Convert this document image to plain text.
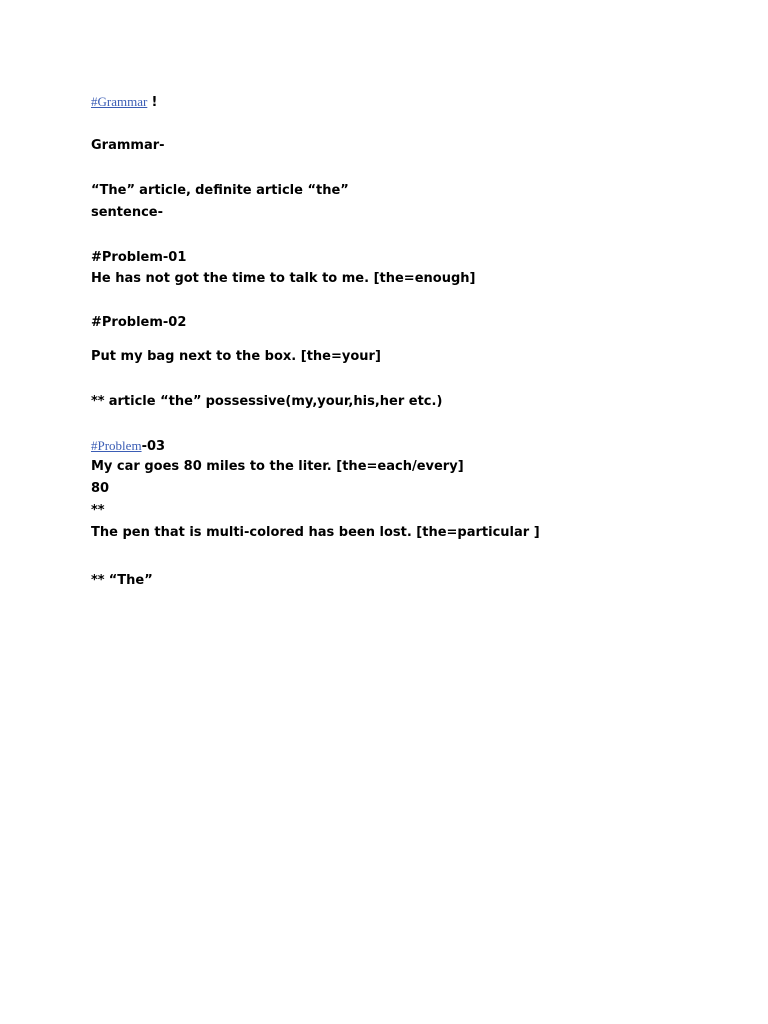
#Grammar !
Grammar-
“The” article, definite article “the”
sentence-
#Problem-01
He has not got the time to talk to me. [the=enough]
#Problem-02
Put my bag next to the box. [the=your]
** article “the” possessive(my,your,his,her etc.)
#Problem-03
My car goes 80 miles to the liter. [the=each/every]
80
**
The pen that is multi-colored has been lost. [the=particular ]
** “The”
